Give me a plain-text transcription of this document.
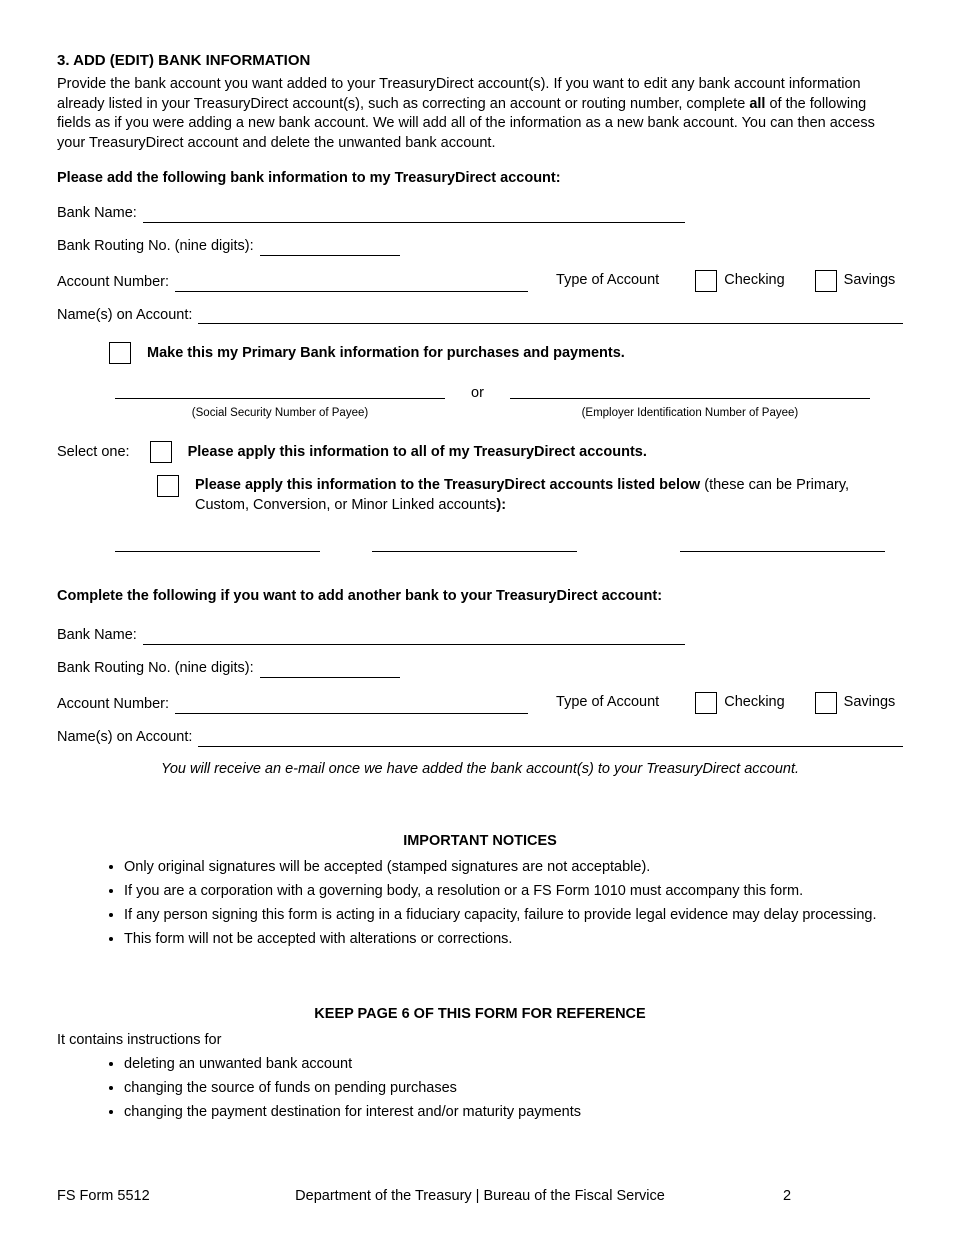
3. ADD (EDIT) BANK INFORMATION

Provide the bank account you want added to your TreasuryDirect account(s). If you want to edit any bank account information already listed in your TreasuryDirect account(s), such as correcting an account or routing number, complete all of the following fields as if you were adding a new bank account. We will add all of the information as a new bank account. You can then access your TreasuryDirect account and delete the unwanted bank account.

Please add the following bank information to my TreasuryDirect account:

Bank Name:
Bank Routing No. (nine digits):
Account Number:	Type of Account	Checking	Savings
Name(s) on Account:
Make this my Primary Bank information for purchases and payments.
(Social Security Number of Payee)
or
(Employer Identification Number of Payee)
Select one:	Please apply this information to all of my TreasuryDirect accounts.
Please apply this information to the TreasuryDirect accounts listed below (these can be Primary, Custom, Conversion, or Minor Linked accounts):

Complete the following if you want to add another bank to your TreasuryDirect account:

Bank Name:
Bank Routing No. (nine digits):
Account Number:	Type of Account	Checking	Savings
Name(s) on Account:

You will receive an e-mail once we have added the bank account(s) to your TreasuryDirect account.

IMPORTANT NOTICES
• Only original signatures will be accepted (stamped signatures are not acceptable).
• If you are a corporation with a governing body, a resolution or a FS Form 1010 must accompany this form.
• If any person signing this form is acting in a fiduciary capacity, failure to provide legal evidence may delay processing.
• This form will not be accepted with alterations or corrections.
KEEP PAGE 6 OF THIS FORM FOR REFERENCE
It contains instructions for
• deleting an unwanted bank account
• changing the source of funds on pending purchases
• changing the payment destination for interest and/or maturity payments
FS Form 5512	Department of the Treasury | Bureau of the Fiscal Service	2
